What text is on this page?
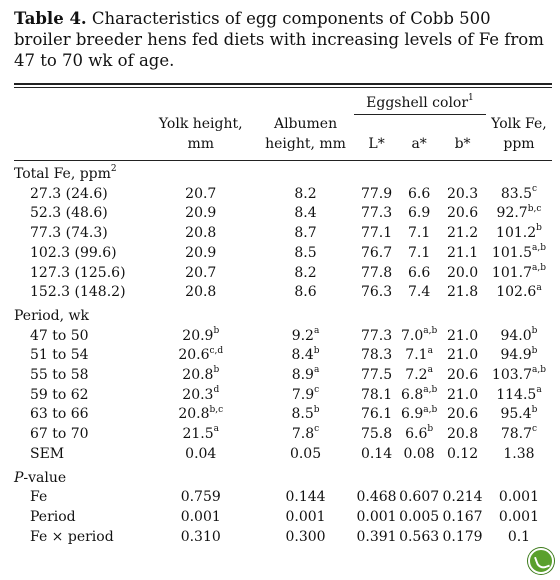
Table 4. Characteristics of egg components of Cobb 500 broiler breeder hens fed diets with increasing levels of Fe from 47 to 70 wk of age.

			Eggshell color$^1$	
	Yolk height,	Albumen				Yolk Fe,
	mm	height, mm	L*	a*	b*	ppm

Total Fe, ppm$^2$
27.3 (24.6)	20.7	8.2	77.9	6.6	20.3	83.5$^c$
52.3 (48.6)	20.9	8.4	77.3	6.9	20.6	92.7$^{b,c}$
77.3 (74.3)	20.8	8.7	77.1	7.1	21.2	101.2$^b$
102.3 (99.6)	20.9	8.5	76.7	7.1	21.1	101.5$^{a,b}$
127.3 (125.6)	20.7	8.2	77.8	6.6	20.0	101.7$^{a,b}$
152.3 (148.2)	20.8	8.6	76.3	7.4	21.8	102.6$^a$
Period, wk						
47 to 50	20.9$^b$	9.2$^a$	77.3	7.0$^{a,b}$	21.0	94.0$^b$
51 to 54	20.6$^{c,d}$	8.4$^b$	78.3	7.1$^a$	21.0	94.9$^b$
55 to 58	20.8$^b$	8.9$^a$	77.5	7.2$^a$	20.6	103.7$^{a,b}$
59 to 62	20.3$^d$	7.9$^c$	78.1	6.8$^{a,b}$	21.0	114.5$^a$
63 to 66	20.8$^{b,c}$	8.5$^b$	76.1	6.9$^{a,b}$	20.6	95.4$^b$
67 to 70	21.5$^a$	7.8$^c$	75.8	6.6$^b$	20.8	78.7$^c$
SEM	0.04	0.05	0.14	0.08	0.12	1.38
P-value						
Fe	0.759	0.144	0.468	0.607	0.214	0.001
Period	0.001	0.001	0.001	0.005	0.167	0.001
Fe × period	0.310	0.300	0.391	0.563	0.179	0.1
